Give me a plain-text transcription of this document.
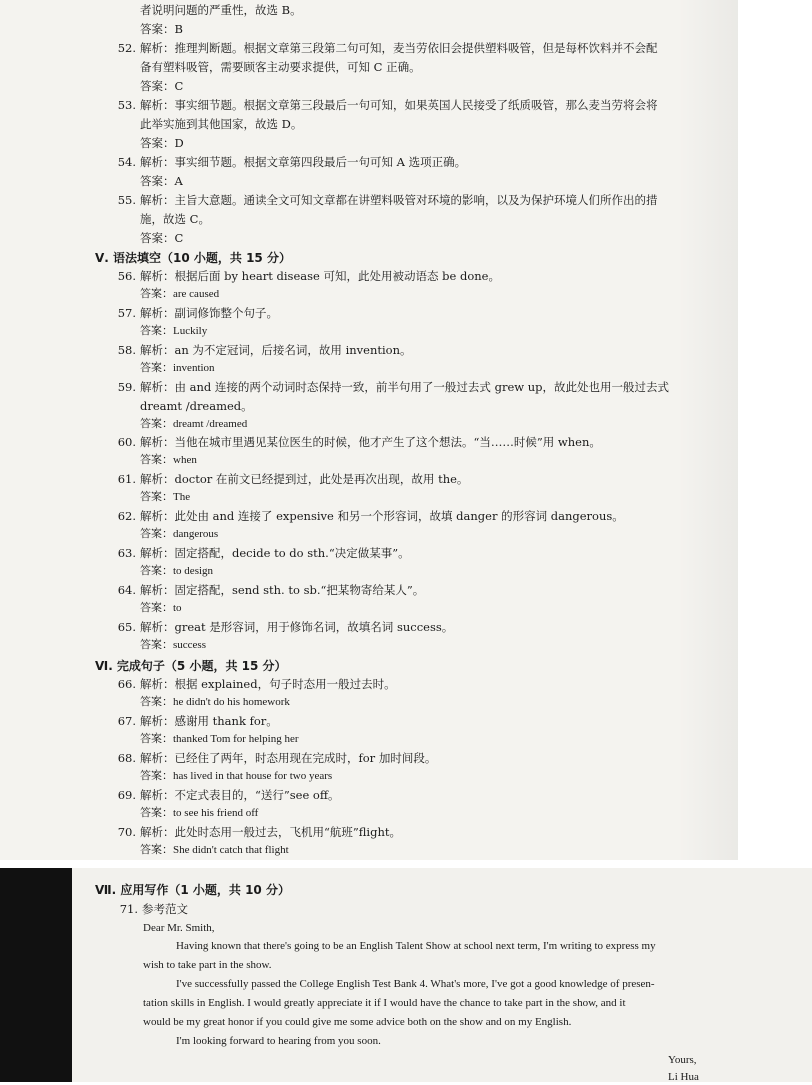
者说明问题的严重性，故选 B。
答案：B
52. 解析：推理判断题。根据文章第三段第二句可知，麦当劳依旧会提供塑料吸管，但是每杯饮料并不会配
备有塑料吸管，需要顾客主动要求提供，可知 C 正确。
答案：C
53. 解析：事实细节题。根据文章第三段最后一句可知，如果英国人民接受了纸质吸管，那么麦当劳将会将
此举实施到其他国家，故选 D。
答案：D
54. 解析：事实细节题。根据文章第四段最后一句可知 A 选项正确。
答案：A
55. 解析：主旨大意题。通读全文可知文章都在讲塑料吸管对环境的影响，以及为保护环境人们所作出的措
施，故选 C。
答案：C
Ⅴ. 语法填空（10 小题，共 15 分）
Ⅵ. 完成句子（5 小题，共 15 分）
56. 解析：根据后面 by heart disease 可知，此处用被动语态 be done。
答案：are caused
57. 解析：副词修饰整个句子。
答案：Luckily
58. 解析：an 为不定冠词，后接名词，故用 invention。
答案：invention
59. 解析：由 and 连接的两个动词时态保持一致，前半句用了一般过去式 grew up，故此处也用一般过去式
dreamt /dreamed。
答案：dreamt /dreamed
60. 解析：当他在城市里遇见某位医生的时候，他才产生了这个想法。“当……时候”用 when。
答案：when
61. 解析：doctor 在前文已经提到过，此处是再次出现，故用 the。
答案：The
62. 解析：此处由 and 连接了 expensive 和另一个形容词，故填 danger 的形容词 dangerous。
答案：dangerous
63. 解析：固定搭配，decide to do sth.“决定做某事”。
答案：to design
64. 解析：固定搭配，send sth. to sb.“把某物寄给某人”。
答案：to
65. 解析：great 是形容词，用于修饰名词，故填名词 success。
答案：success
66. 解析：根据 explained，句子时态用一般过去时。
答案：he didn't do his homework
67. 解析：感谢用 thank for。
答案：thanked Tom for helping her
68. 解析：已经住了两年，时态用现在完成时，for 加时间段。
答案：has lived in that house for two years
69. 解析：不定式表目的，“送行”see off。
答案：to see his friend off
70. 解析：此处时态用一般过去，飞机用“航班”flight。
答案：She didn't catch that flight
Ⅶ. 应用写作（1 小题，共 10 分）
71. 参考范文
Dear Mr. Smith,
Having known that there's going to be an English Talent Show at school next term, I'm writing to express my
wish to take part in the show.
I've successfully passed the College English Test Bank 4. What's more, I've got a good knowledge of presen-
tation skills in English. I would greatly appreciate it if I would have the chance to take part in the show, and it
would be my great honor if you could give me some advice both on the show and on my English.
I'm looking forward to hearing from you soon.
Yours,
Li Hua
